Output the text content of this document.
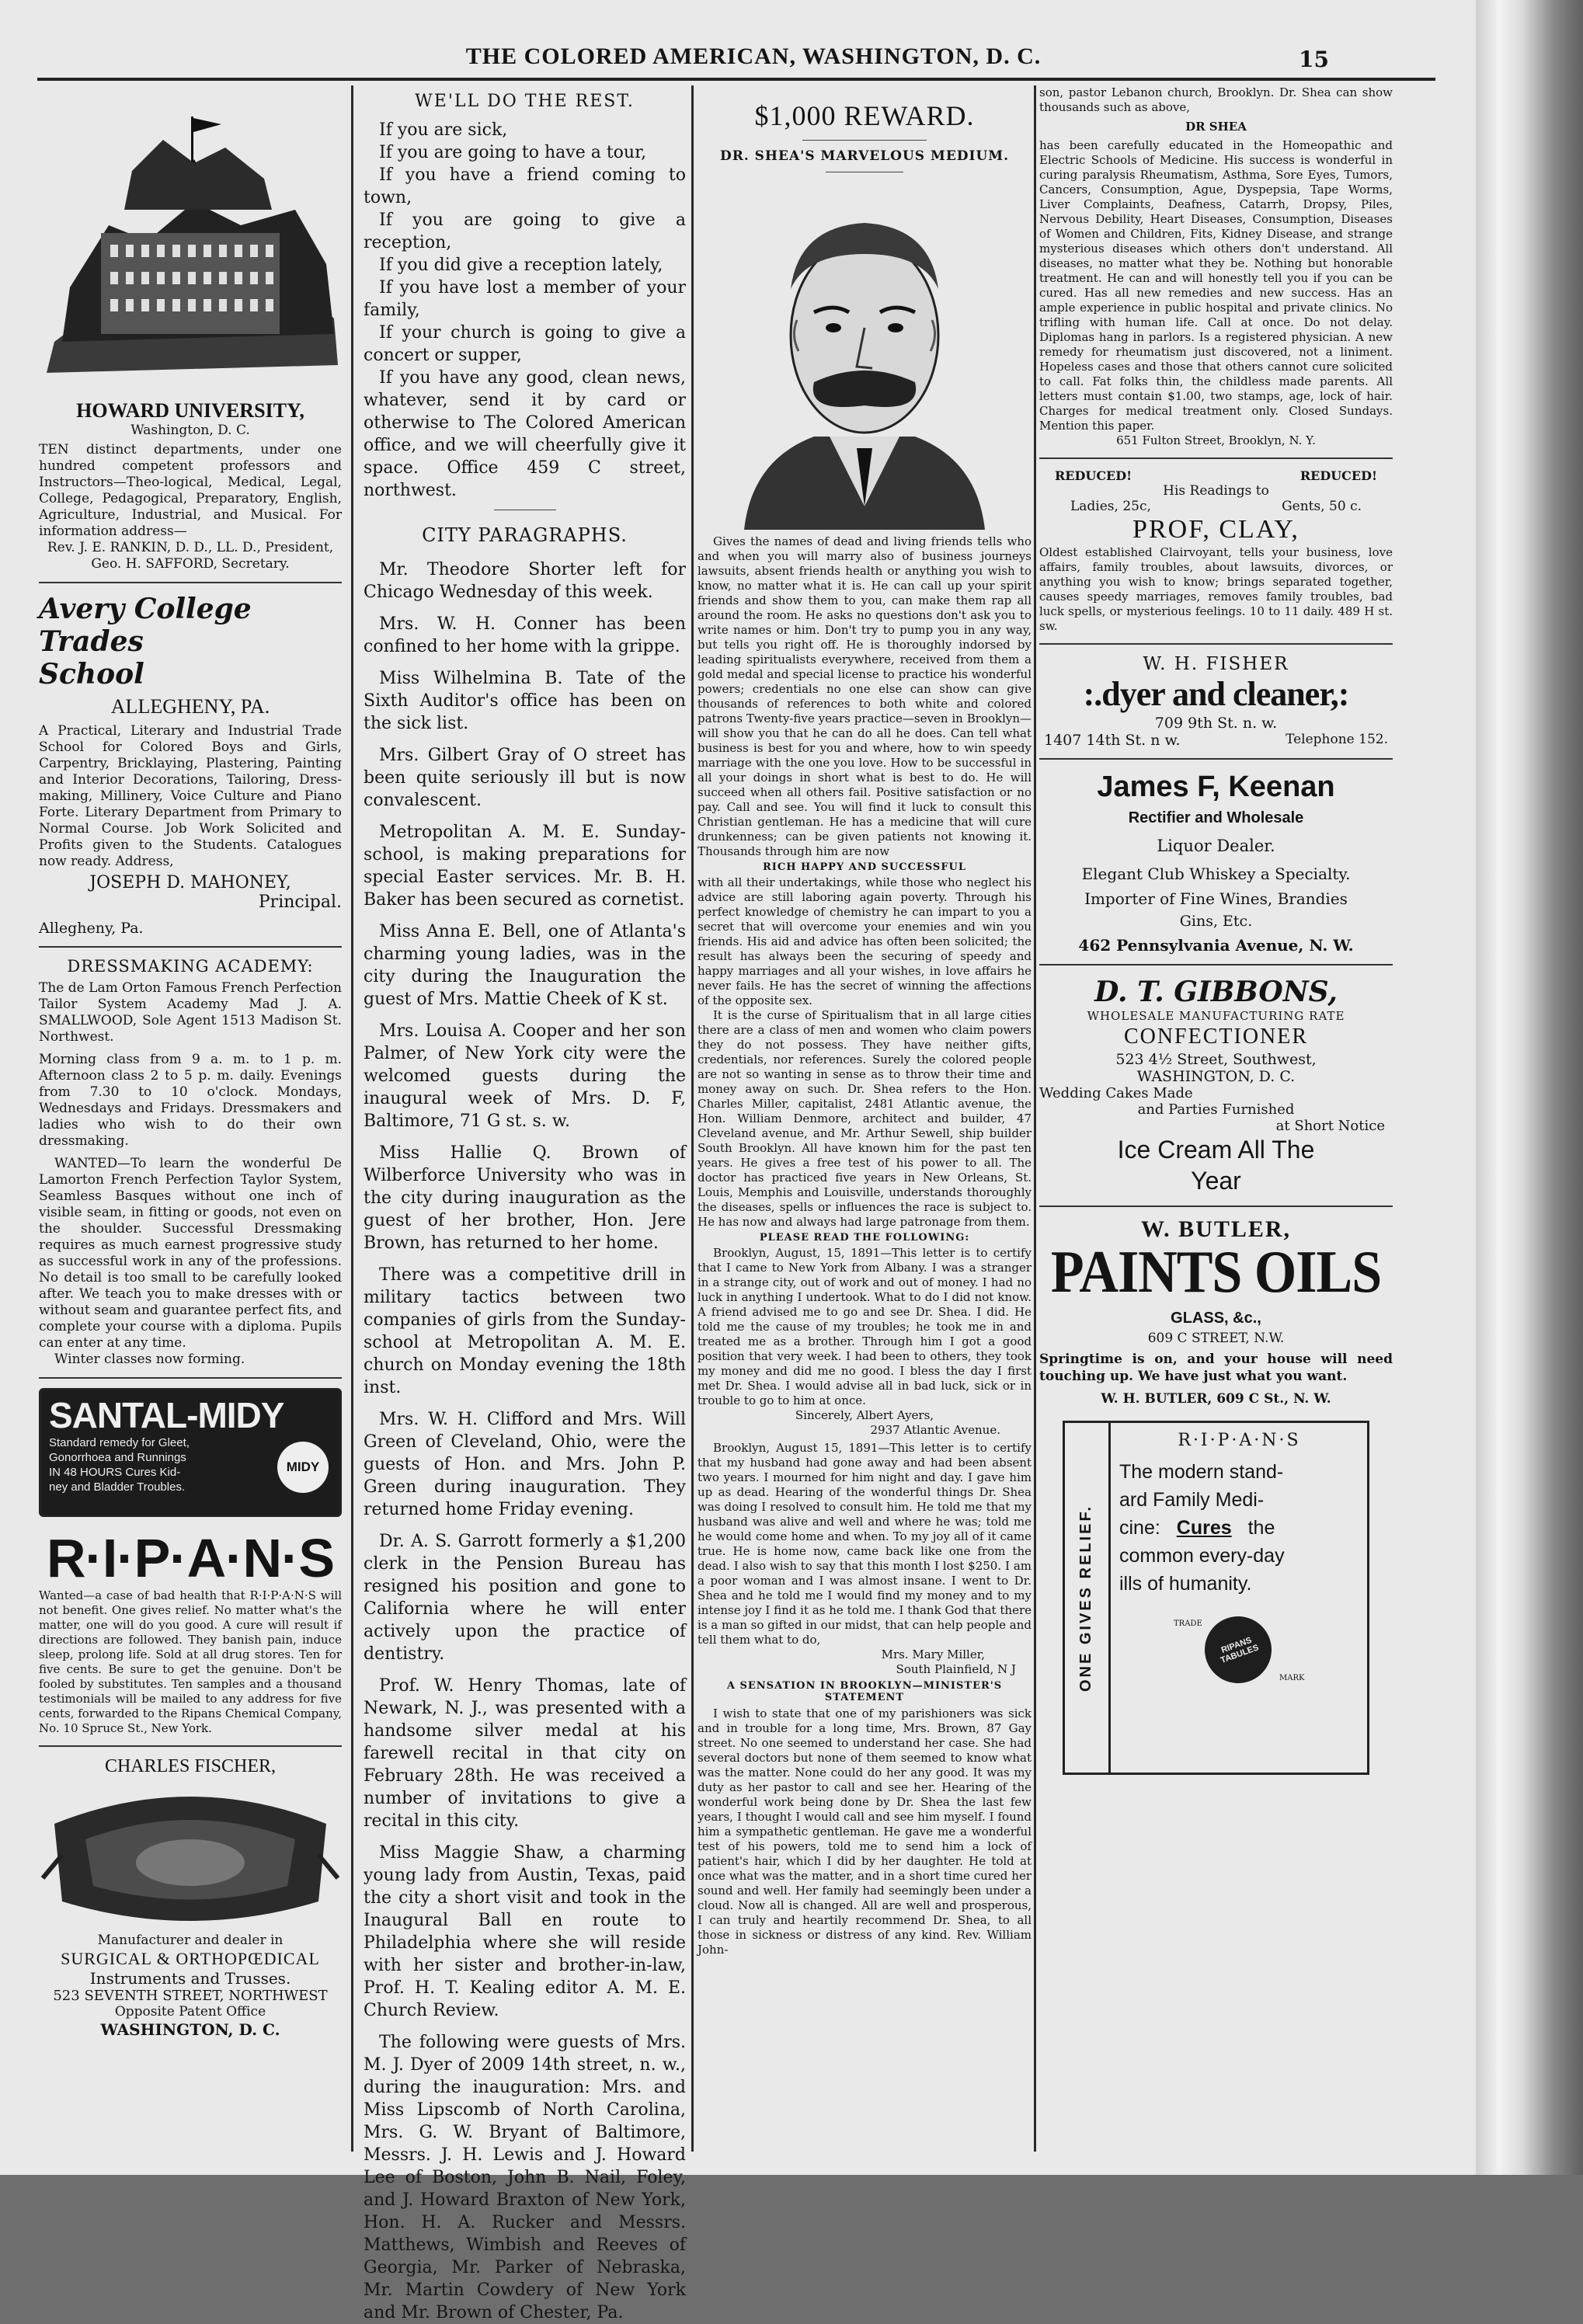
THE COLORED AMERICAN, WASHINGTON, D. C.	15

HOWARD UNIVERSITY,

Washington, D. C.

TEN distinct departments, under one hundred competent professors and Instructors—Theo-logical, Medical, Legal, College, Pedagogical, Preparatory, English, Agriculture, Industrial, and Musical. For information address—

Rev. J. E. RANKIN, D. D., LL. D., President,

Geo. H. SAFFORD, Secretary.

Avery College Trades

School

ALLEGHENY, PA.

A Practical, Literary and Industrial Trade School for Colored Boys and Girls, Carpentry, Bricklaying, Plastering, Painting and Interior Decorations, Tailoring, Dress-making, Millinery, Voice Culture and Piano Forte. Literary Department from Primary to Normal Course. Job Work Solicited and Profits given to the Students. Catalogues now ready. Address,

JOSEPH D. MAHONEY,

Principal.

Allegheny, Pa.

DRESSMAKING ACADEMY:

The de Lam Orton Famous French Perfection Tailor System Academy Mad J. A. SMALLWOOD, Sole Agent 1513 Madison St. Northwest.

Morning class from 9 a. m. to 1 p. m. Afternoon class 2 to 5 p. m. daily. Evenings from 7.30 to 10 o'clock. Mondays, Wednesdays and Fridays. Dressmakers and ladies who wish to do their own dressmaking.

WANTED—To learn the wonderful De Lamorton French Perfection Taylor System, Seamless Basques without one inch of visible seam, in fitting or goods, not even on the shoulder. Successful Dressmaking requires as much earnest progressive study as successful work in any of the professions. No detail is too small to be carefully looked after. We teach you to make dresses with or without seam and guarantee perfect fits, and complete your course with a diploma. Pupils can enter at any time.

Winter classes now forming.

SANTAL-MIDY

Standard remedy for Gleet,

Gonorrhoea and Runnings

IN 48 HOURS Cures Kid-

ney and Bladder Troubles.

MIDY

R·I·P·A·N·S

Wanted—a case of bad health that R·I·P·A·N·S will not benefit. One gives relief. No matter what's the matter, one will do you good. A cure will result if directions are followed. They banish pain, induce sleep, prolong life. Sold at all drug stores. Ten for five cents. Be sure to get the genuine. Don't be fooled by substitutes. Ten samples and a thousand testimonials will be mailed to any address for five cents, forwarded to the Ripans Chemical Company, No. 10 Spruce St., New York.

CHARLES FISCHER,

Manufacturer and dealer in

SURGICAL & ORTHOPŒDICAL

Instruments and Trusses.

523 SEVENTH STREET, NORTHWEST

Opposite Patent Office

WASHINGTON, D. C.

WE'LL DO THE REST.

If you are sick,

If you are going to have a tour,

If you have a friend coming to town,

If you are going to give a reception,

If you did give a reception lately,

If you have lost a member of your family,

If your church is going to give a concert or supper,

If you have any good, clean news, whatever, send it by card or otherwise to The Colored American office, and we will cheerfully give it space. Office 459 C street, northwest.

CITY PARAGRAPHS.

Mr. Theodore Shorter left for Chicago Wednesday of this week.

Mrs. W. H. Conner has been confined to her home with la grippe.

Miss Wilhelmina B. Tate of the Sixth Auditor's office has been on the sick list.

Mrs. Gilbert Gray of O street has been quite seriously ill but is now convalescent.

Metropolitan A. M. E. Sunday-school, is making preparations for special Easter services. Mr. B. H. Baker has been secured as cornetist.

Miss Anna E. Bell, one of Atlanta's charming young ladies, was in the city during the Inauguration the guest of Mrs. Mattie Cheek of K st.

Mrs. Louisa A. Cooper and her son Palmer, of New York city were the welcomed guests during the inaugural week of Mrs. D. F, Baltimore, 71 G st. s. w.

Miss Hallie Q. Brown of Wilberforce University who was in the city during inauguration as the guest of her brother, Hon. Jere Brown, has returned to her home.

There was a competitive drill in military tactics between two companies of girls from the Sunday-school at Metropolitan A. M. E. church on Monday evening the 18th inst.

Mrs. W. H. Clifford and Mrs. Will Green of Cleveland, Ohio, were the guests of Hon. and Mrs. John P. Green during inauguration. They returned home Friday evening.

Dr. A. S. Garrott formerly a $1,200 clerk in the Pension Bureau has resigned his position and gone to California where he will enter actively upon the practice of dentistry.

Prof. W. Henry Thomas, late of Newark, N. J., was presented with a handsome silver medal at his farewell recital in that city on February 28th. He was received a number of invitations to give a recital in this city.

Miss Maggie Shaw, a charming young lady from Austin, Texas, paid the city a short visit and took in the Inaugural Ball en route to Philadelphia where she will reside with her sister and brother-in-law, Prof. H. T. Kealing editor A. M. E. Church Review.

The following were guests of Mrs. M. J. Dyer of 2009 14th street, n. w., during the inauguration: Mrs. and Miss Lipscomb of North Carolina, Mrs. G. W. Bryant of Baltimore, Messrs. J. H. Lewis and J. Howard Lee of Boston, John B. Nail, Foley, and J. Howard Braxton of New York, Hon. H. A. Rucker and Messrs. Matthews, Wimbish and Reeves of Georgia, Mr. Parker of Nebraska, Mr. Martin Cowdery of New York and Mr. Brown of Chester, Pa.

$1,000 REWARD.

DR. SHEA'S MARVELOUS MEDIUM.

Gives the names of dead and living friends tells who and when you will marry also of business journeys lawsuits, absent friends health or anything you wish to know, no matter what it is. He can call up your spirit friends and show them to you, can make them rap all around the room. He asks no questions don't ask you to write names or him. Don't try to pump you in any way, but tells you right off. He is thoroughly indorsed by leading spiritualists everywhere, received from them a gold medal and special license to practice his wonderful powers; credentials no one else can show can give thousands of references to both white and colored patrons Twenty-five years practice—seven in Brooklyn—will show you that he can do all he does. Can tell what business is best for you and where, how to win speedy marriage with the one you love. How to be successful in all your doings in short what is best to do. He will succeed when all others fail. Positive satisfaction or no pay. Call and see. You will find it luck to consult this Christian gentleman. He has a medicine that will cure drunkenness; can be given patients not knowing it. Thousands through him are now

RICH HAPPY AND SUCCESSFUL

with all their undertakings, while those who neglect his advice are still laboring again poverty. Through his perfect knowledge of chemistry he can impart to you a secret that will overcome your enemies and win you friends. His aid and advice has often been solicited; the result has always been the securing of speedy and happy marriages and all your wishes, in love affairs he never fails. He has the secret of winning the affections of the opposite sex.

It is the curse of Spiritualism that in all large cities there are a class of men and women who claim powers they do not possess. They have neither gifts, credentials, nor references. Surely the colored people are not so wanting in sense as to throw their time and money away on such. Dr. Shea refers to the Hon. Charles Miller, capitalist, 2481 Atlantic avenue, the Hon. William Denmore, architect and builder, 47 Cleveland avenue, and Mr. Arthur Sewell, ship builder South Brooklyn. All have known him for the past ten years. He gives a free test of his power to all. The doctor has practiced five years in New Orleans, St. Louis, Memphis and Louisville, understands thoroughly the diseases, spells or influences the race is subject to. He has now and always had large patronage from them.

PLEASE READ THE FOLLOWING:

Brooklyn, August, 15, 1891—This letter is to certify that I came to New York from Albany. I was a stranger in a strange city, out of work and out of money. I had no luck in anything I undertook. What to do I did not know. A friend advised me to go and see Dr. Shea. I did. He told me the cause of my troubles; he took me in and treated me as a brother. Through him I got a good position that very week. I had been to others, they took my money and did me no good. I bless the day I first met Dr. Shea. I would advise all in bad luck, sick or in trouble to go to him at once.

Sincerely, Albert Ayers,

2937 Atlantic Avenue.

Brooklyn, August 15, 1891—This letter is to certify that my husband had gone away and had been absent two years. I mourned for him night and day. I gave him up as dead. Hearing of the wonderful things Dr. Shea was doing I resolved to consult him. He told me that my husband was alive and well and where he was; told me he would come home and when. To my joy all of it came true. He is home now, came back like one from the dead. I also wish to say that this month I lost $250. I am a poor woman and I was almost insane. I went to Dr. Shea and he told me I would find my money and to my intense joy I find it as he told me. I thank God that there is a man so gifted in our midst, that can help people and tell them what to do,

Mrs. Mary Miller,

South Plainfield, N J

A SENSATION IN BROOKLYN—MINISTER'S STATEMENT

I wish to state that one of my parishioners was sick and in trouble for a long time, Mrs. Brown, 87 Gay street. No one seemed to understand her case. She had several doctors but none of them seemed to know what was the matter. None could do her any good. It was my duty as her pastor to call and see her. Hearing of the wonderful work being done by Dr. Shea the last few years, I thought I would call and see him myself. I found him a sympathetic gentleman. He gave me a wonderful test of his powers, told me to send him a lock of patient's hair, which I did by her daughter. He told at once what was the matter, and in a short time cured her sound and well. Her family had seemingly been under a cloud. Now all is changed. All are well and prosperous, I can truly and heartily recommend Dr. Shea, to all those in sickness or distress of any kind. Rev. William John-

son, pastor Lebanon church, Brooklyn. Dr. Shea can show thousands such as above,

DR SHEA

has been carefully educated in the Homeopathic and Electric Schools of Medicine. His success is wonderful in curing paralysis Rheumatism, Asthma, Sore Eyes, Tumors, Cancers, Consumption, Ague, Dyspepsia, Tape Worms, Liver Complaints, Deafness, Catarrh, Dropsy, Piles, Nervous Debility, Heart Diseases, Consumption, Diseases of Women and Children, Fits, Kidney Disease, and strange mysterious diseases which others don't understand. All diseases, no matter what they be. Nothing but honorable treatment. He can and will honestly tell you if you can be cured. Has all new remedies and new success. Has an ample experience in public hospital and private clinics. No trifling with human life. Call at once. Do not delay. Diplomas hang in parlors. Is a registered physician. A new remedy for rheumatism just discovered, not a liniment. Hopeless cases and those that others cannot cure solicited to call. Fat folks thin, the childless made parents. All letters must contain $1.00, two stamps, age, lock of hair. Charges for medical treatment only. Closed Sundays. Mention this paper.

651 Fulton Street, Brooklyn, N. Y.

REDUCED!	REDUCED!

His Readings to

Ladies, 25c,	Gents, 50 c.

PROF, CLAY,

Oldest established Clairvoyant, tells your business, love affairs, family troubles, about lawsuits, divorces, or anything you wish to know; brings separated together, causes speedy marriages, removes family troubles, bad luck spells, or mysterious feelings. 10 to 11 daily. 489 H st. sw.

W. H. FISHER

:.dyer and cleaner,:

709 9th St. n. w.

1407 14th St. n w.	Telephone 152.

James F, Keenan

Rectifier and Wholesale

Liquor Dealer.

Elegant Club Whiskey a Specialty.

Importer of Fine Wines, Brandies

Gins, Etc.

462 Pennsylvania Avenue, N. W.

D. T. GIBBONS,

WHOLESALE MANUFACTURING RATE

CONFECTIONER

523 4½ Street, Southwest,

WASHINGTON, D. C.

Wedding Cakes Made

and Parties Furnished

at Short Notice

Ice Cream All The

Year

W. BUTLER,

PAINTS OILS

GLASS, &c.,

609 C STREET, N.W.

Springtime is on, and your house will need touching up. We have just what you want.

W. H. BUTLER, 609 C St., N. W.

ONE GIVES RELIEF.

R·I·P·A·N·S

The modern stand-

ard Family Medi-

cine: Cures the

common every-day

ills of humanity.

TRADE
RIPANS TABULES
MARK
